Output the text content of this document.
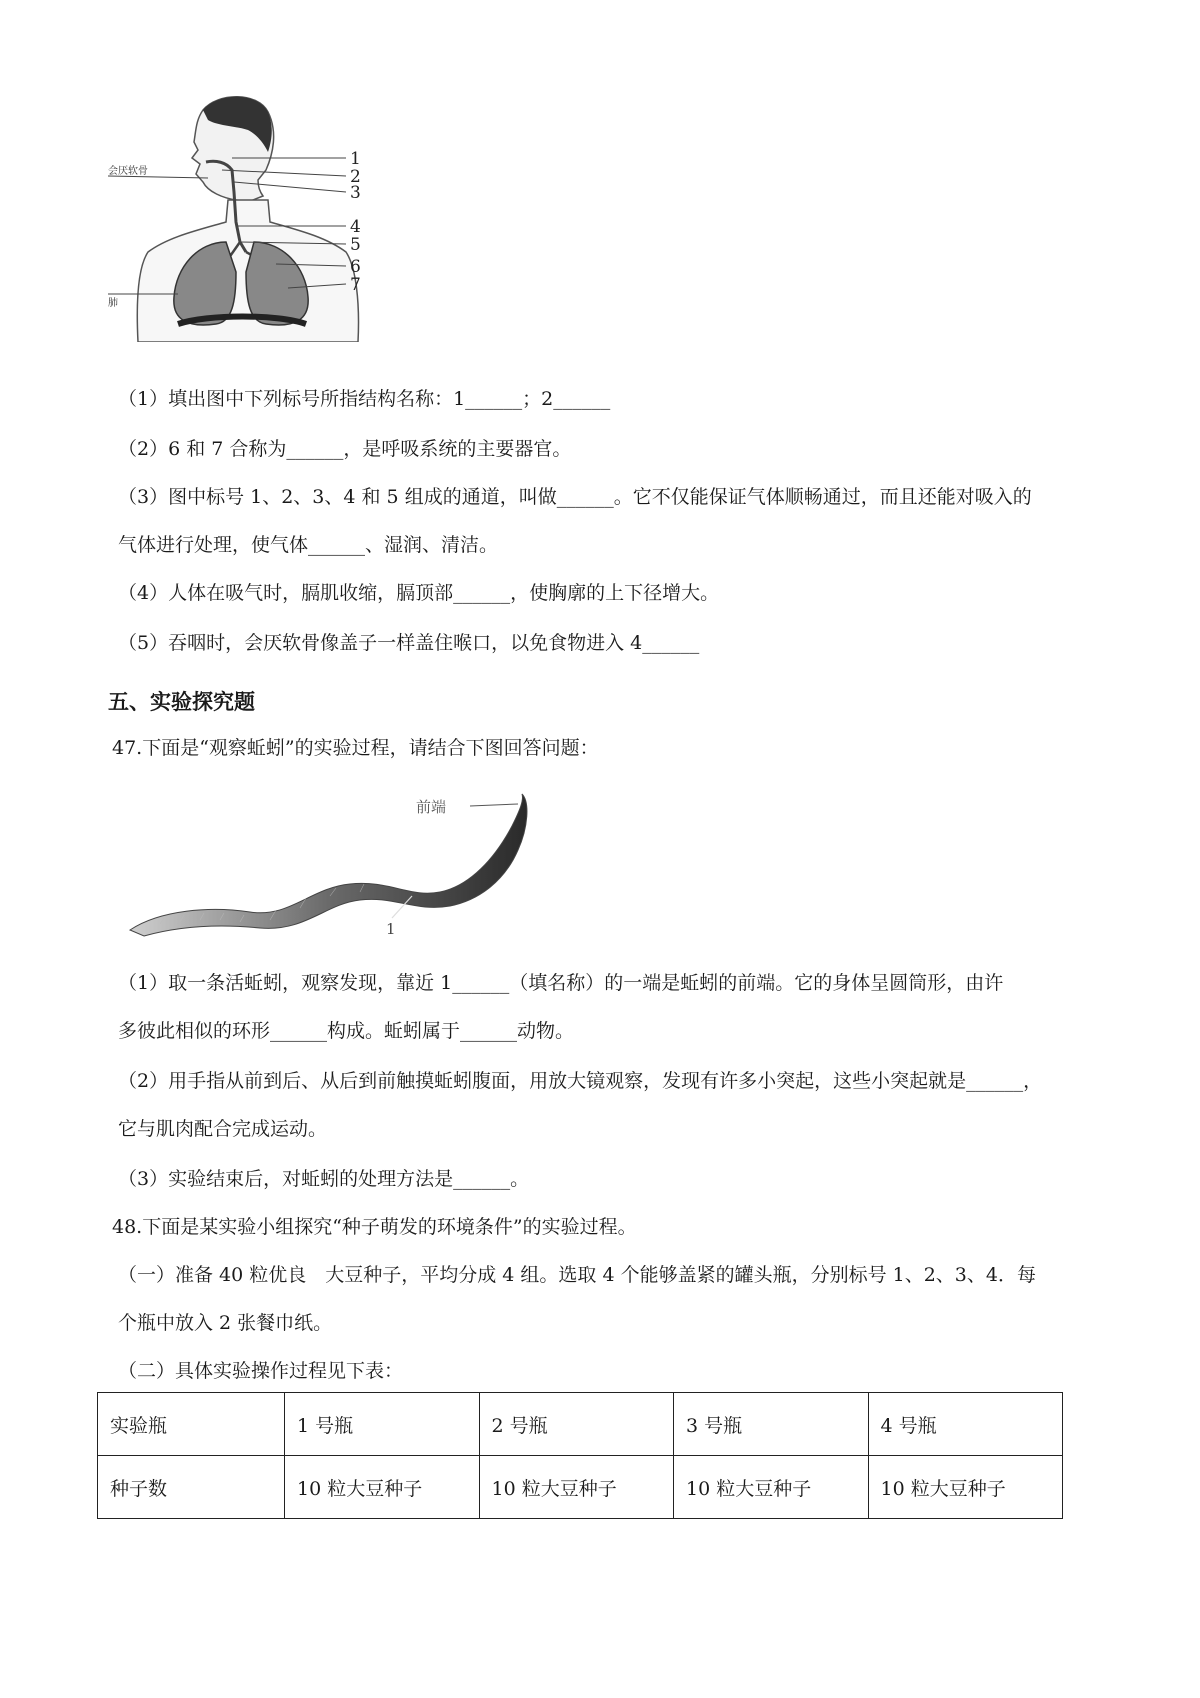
1
2
3
4
5
6
7
会厌软骨
肺
（1）填出图中下列标号所指结构名称：1______；2______
（2）6 和 7 合称为______，是呼吸系统的主要器官。
（3）图中标号 1、2、3、4 和 5 组成的通道，叫做______。它不仅能保证气体顺畅通过，而且还能对吸入的
气体进行处理，使气体______、湿润、清洁。
（4）人体在吸气时，膈肌收缩，膈顶部______，使胸廓的上下径增大。
（5）吞咽时，会厌软骨像盖子一样盖住喉口，以免食物进入 4______
五、实验探究题
47.下面是“观察蚯蚓”的实验过程，请结合下图回答问题：
前端
1
（1）取一条活蚯蚓，观察发现，靠近 1______（填名称）的一端是蚯蚓的前端。它的身体呈圆筒形，由许
多彼此相似的环形______构成。蚯蚓属于______动物。
（2）用手指从前到后、从后到前触摸蚯蚓腹面，用放大镜观察，发现有许多小突起，这些小突起就是______，
它与肌肉配合完成运动。
（3）实验结束后，对蚯蚓的处理方法是______。
48.下面是某实验小组探究“种子萌发的环境条件”的实验过程。
（一）准备 40 粒优良　大豆种子，平均分成 4 组。选取 4 个能够盖紧的罐头瓶，分别标号 1、2、3、4．每
个瓶中放入 2 张餐巾纸。
（二）具体实验操作过程见下表：
实验瓶	1 号瓶	2 号瓶	3 号瓶	4 号瓶
种子数	10 粒大豆种子	10 粒大豆种子	10 粒大豆种子	10 粒大豆种子
